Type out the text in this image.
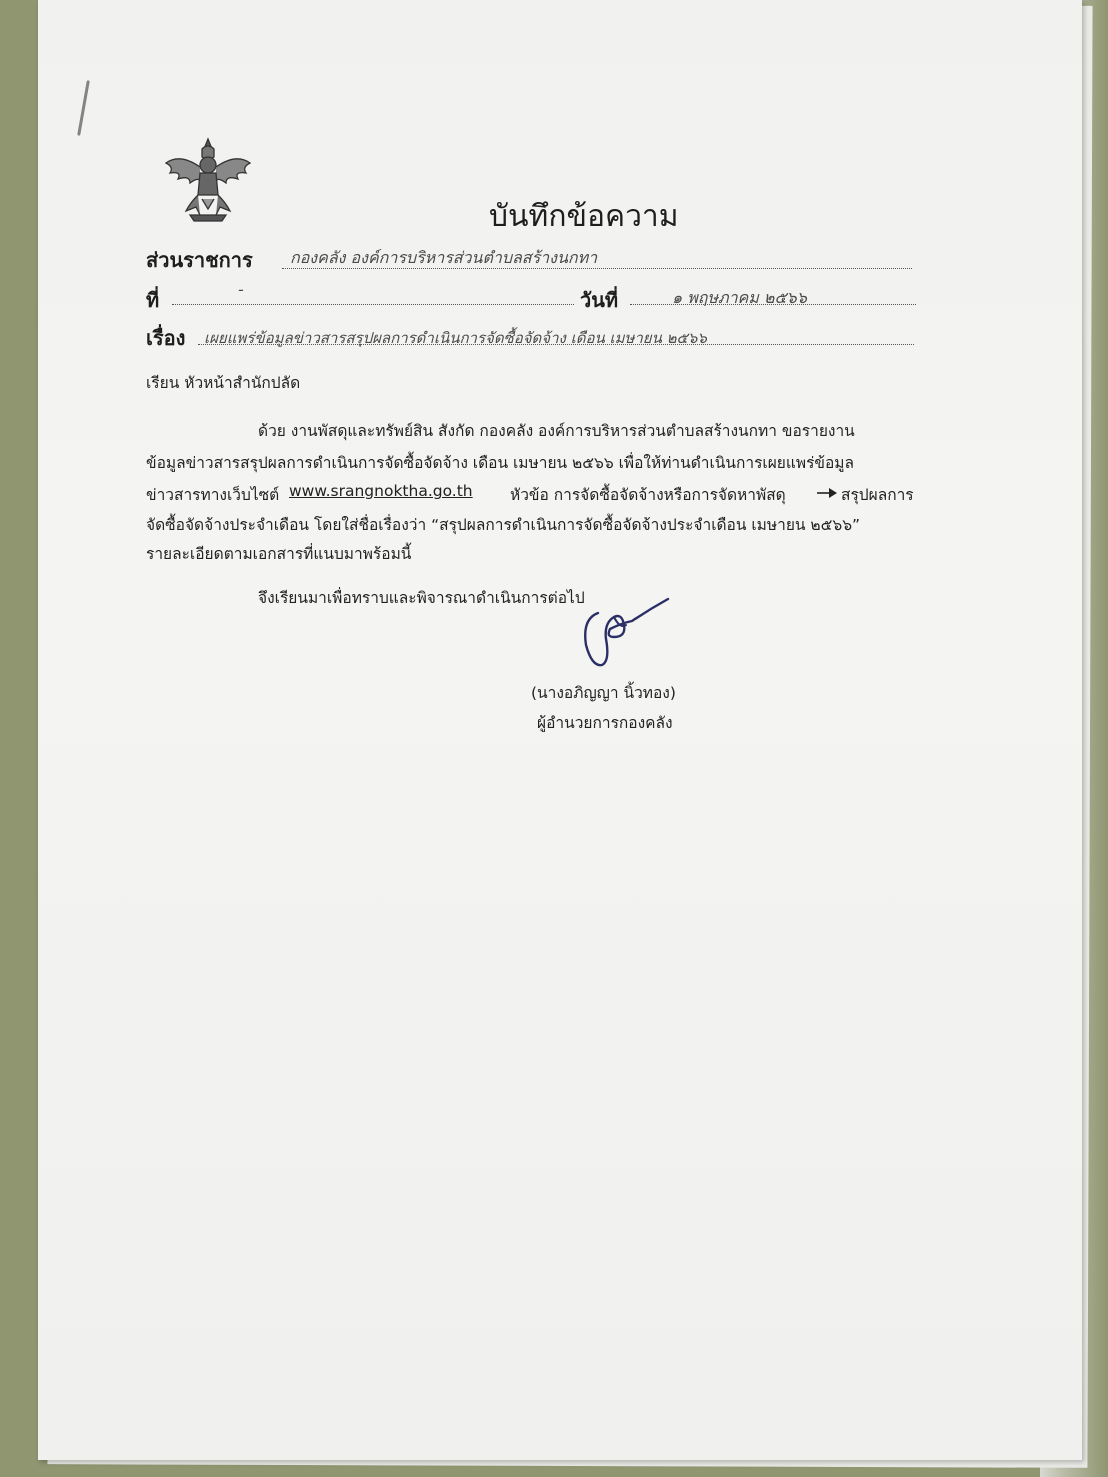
บันทึกข้อความ
ส่วนราชการ กองคลัง องค์การบริหารส่วนตำบลสร้างนกทา
ที่	-	วันที่	๑ พฤษภาคม ๒๕๖๖
เรื่อง เผยแพร่ข้อมูลข่าวสารสรุปผลการดำเนินการจัดซื้อจัดจ้าง เดือน เมษายน ๒๕๖๖
เรียน หัวหน้าสำนักปลัด
ด้วย งานพัสดุและทรัพย์สิน สังกัด กองคลัง องค์การบริหารส่วนตำบลสร้างนกทา ขอรายงาน
ข้อมูลข่าวสารสรุปผลการดำเนินการจัดซื้อจัดจ้าง เดือน เมษายน ๒๕๖๖ เพื่อให้ท่านดำเนินการเผยแพร่ข้อมูล
ข่าวสารทางเว็บไซต์ www.srangnoktha.go.th หัวข้อ การจัดซื้อจัดจ้างหรือการจัดหาพัสดุ	สรุปผลการ
จัดซื้อจัดจ้างประจำเดือน โดยใส่ชื่อเรื่องว่า “สรุปผลการดำเนินการจัดซื้อจัดจ้างประจำเดือน เมษายน ๒๕๖๖”
รายละเอียดตามเอกสารที่แนบมาพร้อมนี้
จึงเรียนมาเพื่อทราบและพิจารณาดำเนินการต่อไป
(นางอภิญญา นิ้วทอง)
ผู้อำนวยการกองคลัง
